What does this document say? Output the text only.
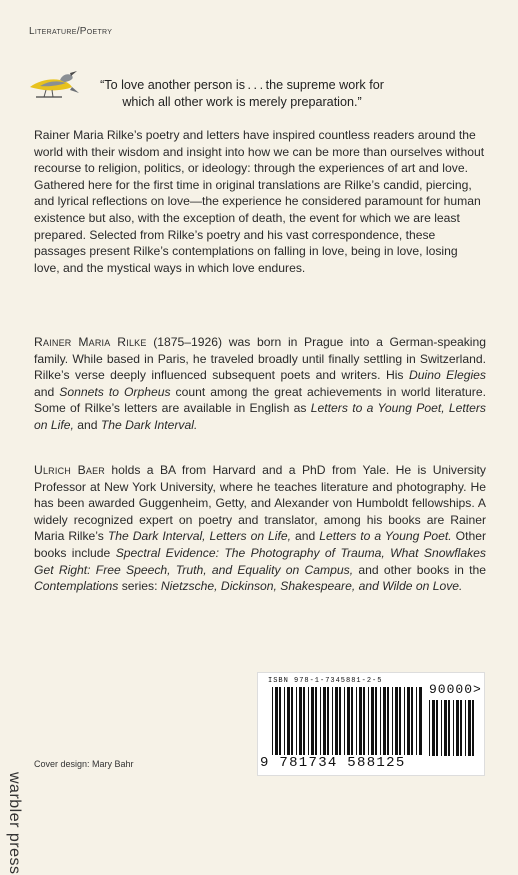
Literature/Poetry
“To love another person is . . . the supreme work for which all other work is merely preparation.”

Rainer Maria Rilke’s poetry and letters have inspired countless readers around the world with their wisdom and insight into how we can be more than ourselves without recourse to religion, politics, or ideology: through the experiences of art and love. Gathered here for the first time in original translations are Rilke’s candid, piercing, and lyrical reflections on love—the experience he considered paramount for human existence but also, with the exception of death, the event for which we are least prepared. Selected from Rilke’s poetry and his vast correspondence, these passages present Rilke’s contemplations on falling in love, being in love, losing love, and the mystical ways in which love endures.

Rainer Maria Rilke (1875–1926) was born in Prague into a German-speaking family. While based in Paris, he traveled broadly until finally settling in Switzerland. Rilke’s verse deeply influenced subsequent poets and writers. His Duino Elegies and Sonnets to Orpheus count among the great achievements in world literature. Some of Rilke’s letters are available in English as Letters to a Young Poet, Letters on Life, and The Dark Interval.

Ulrich Baer holds a BA from Harvard and a PhD from Yale. He is University Professor at New York University, where he teaches literature and photography. He has been awarded Guggenheim, Getty, and Alexander von Humboldt fellowships. A widely recognized expert on poetry and translator, among his books are Rainer Maria Rilke’s The Dark Interval, Letters on Life, and Letters to a Young Poet. Other books include Spectral Evidence: The Photography of Trauma, What Snowflakes Get Right: Free Speech, Truth, and Equality on Campus, and other books in the Contemplations series: Nietzsche, Dickinson, Shakespeare, and Wilde on Love.

ISBN 978-1-7345881-2-5
90000>
9 781734 588125
warbler press
Cover design: Mary Bahr
